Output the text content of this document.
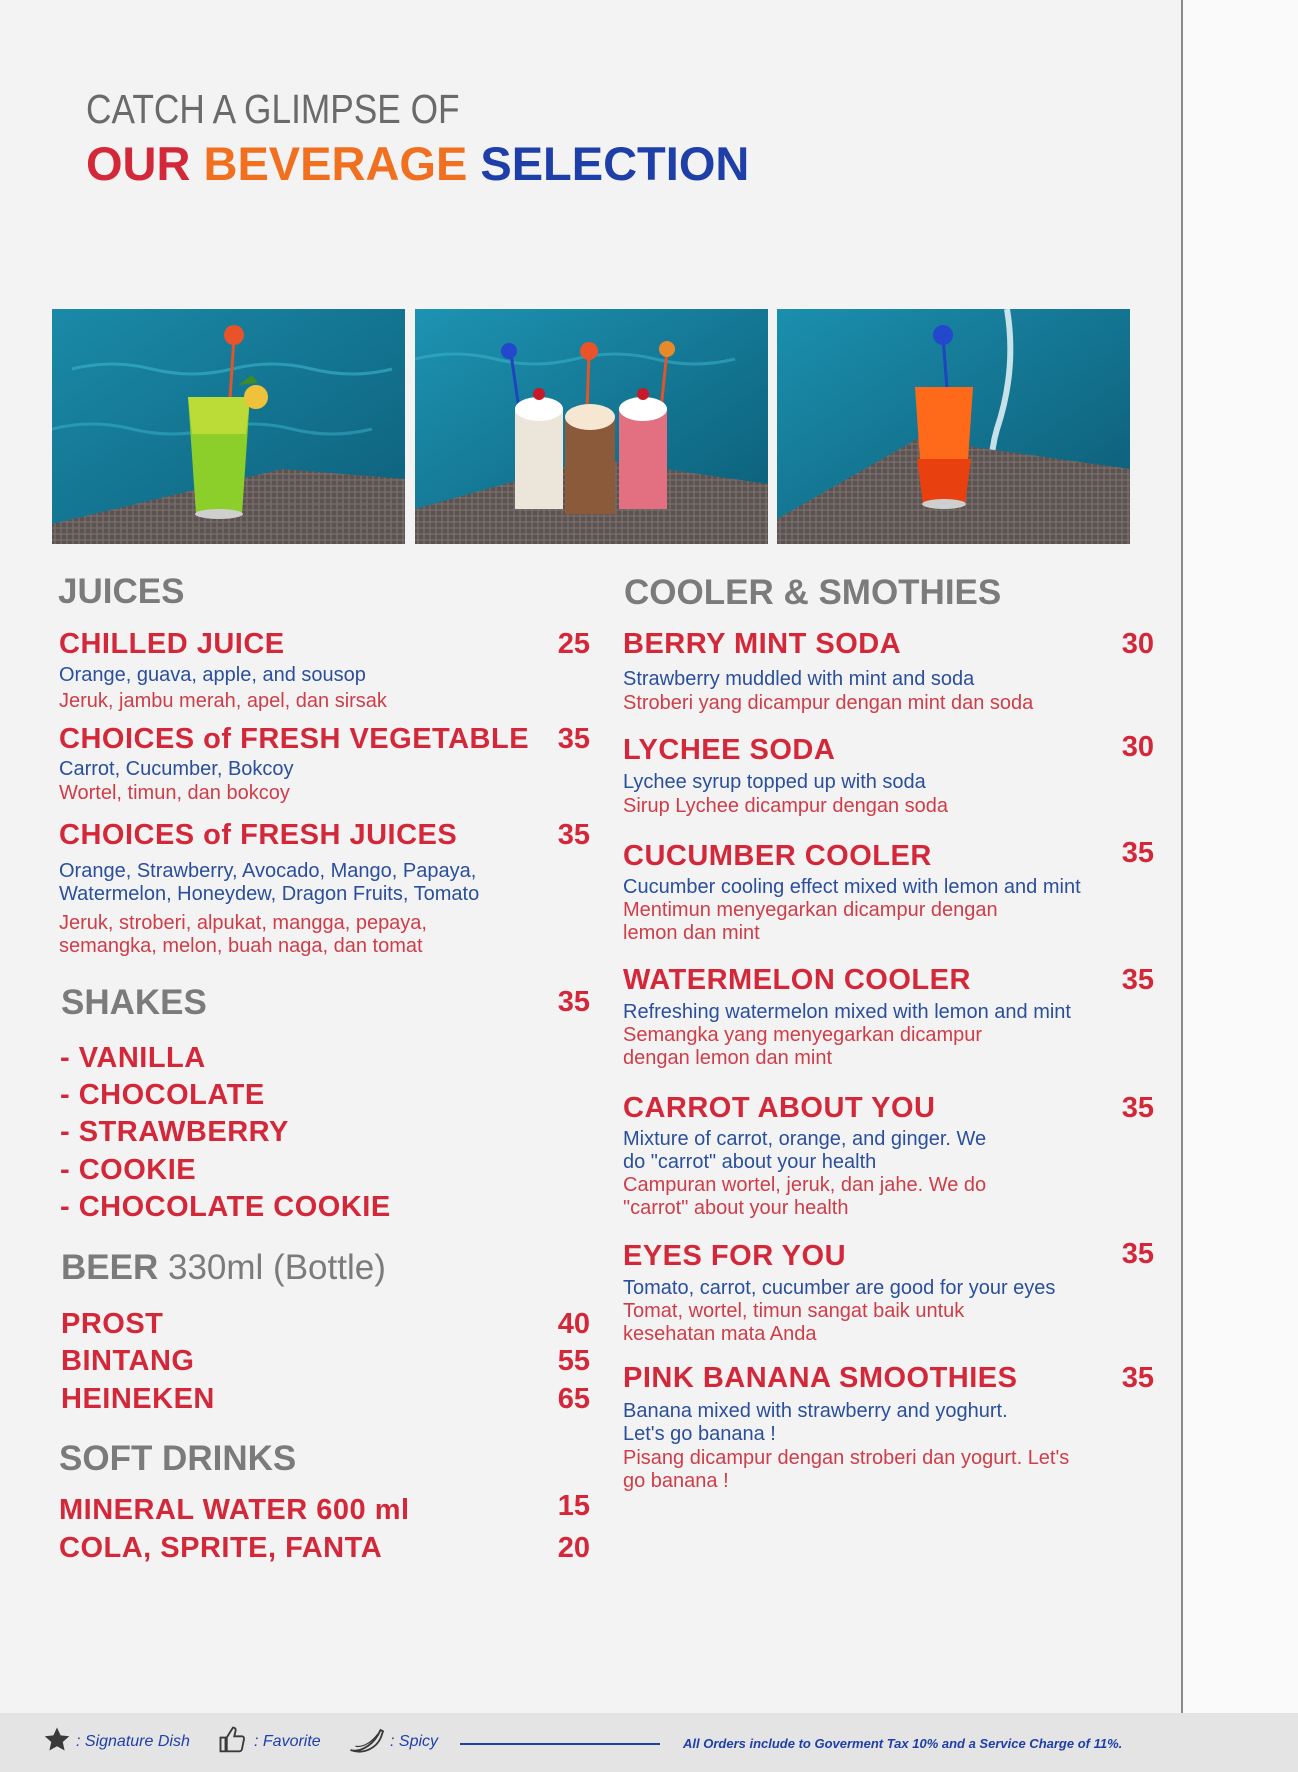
CATCH A GLIMPSE OF
OUR BEVERAGE SELECTION
JUICES
CHILLED JUICE	25
Orange, guava, apple, and sousop
Jeruk, jambu merah, apel, dan sirsak
CHOICES of FRESH VEGETABLE 35
Carrot, Cucumber, Bokcoy
Wortel, timun, dan bokcoy
CHOICES of FRESH JUICES	35
Orange, Strawberry, Avocado, Mango, Papaya, Watermelon, Honeydew, Dragon Fruits, Tomato
Jeruk, stroberi, alpukat, mangga, pepaya, semangka, melon, buah naga, dan tomat
SHAKES	35
- VANILLA
- CHOCOLATE
- STRAWBERRY
- COOKIE
- CHOCOLATE COOKIE
BEER 330ml (Bottle)
PROST	40
BINTANG	55
HEINEKEN	65
SOFT DRINKS
MINERAL WATER 600 ml	15
COLA, SPRITE, FANTA	20
COOLER & SMOTHIES
BERRY MINT SODA	30
Strawberry muddled with mint and soda
Stroberi yang dicampur dengan mint dan soda
LYCHEE SODA	30
Lychee syrup topped up with soda
Sirup Lychee dicampur dengan soda
CUCUMBER COOLER	35
Cucumber cooling effect mixed with lemon and mint
Mentimun menyegarkan dicampur dengan lemon dan mint
WATERMELON COOLER	35
Refreshing watermelon mixed with lemon and mint
Semangka yang menyegarkan dicampur dengan lemon dan mint
CARROT ABOUT YOU	35
Mixture of carrot, orange, and ginger. We do "carrot" about your health
Campuran wortel, jeruk, dan jahe. We do "carrot" about your health
EYES FOR YOU	35
Tomato, carrot, cucumber are good for your eyes
Tomat, wortel, timun sangat baik untuk kesehatan mata Anda
PINK BANANA SMOOTHIES	35
Banana mixed with strawberry and yoghurt. Let's go banana !
Pisang dicampur dengan stroberi dan yogurt. Let's go banana !
: Signature Dish	: Favorite	: Spicy	All Orders include to Goverment Tax 10% and a Service Charge of 11%.
